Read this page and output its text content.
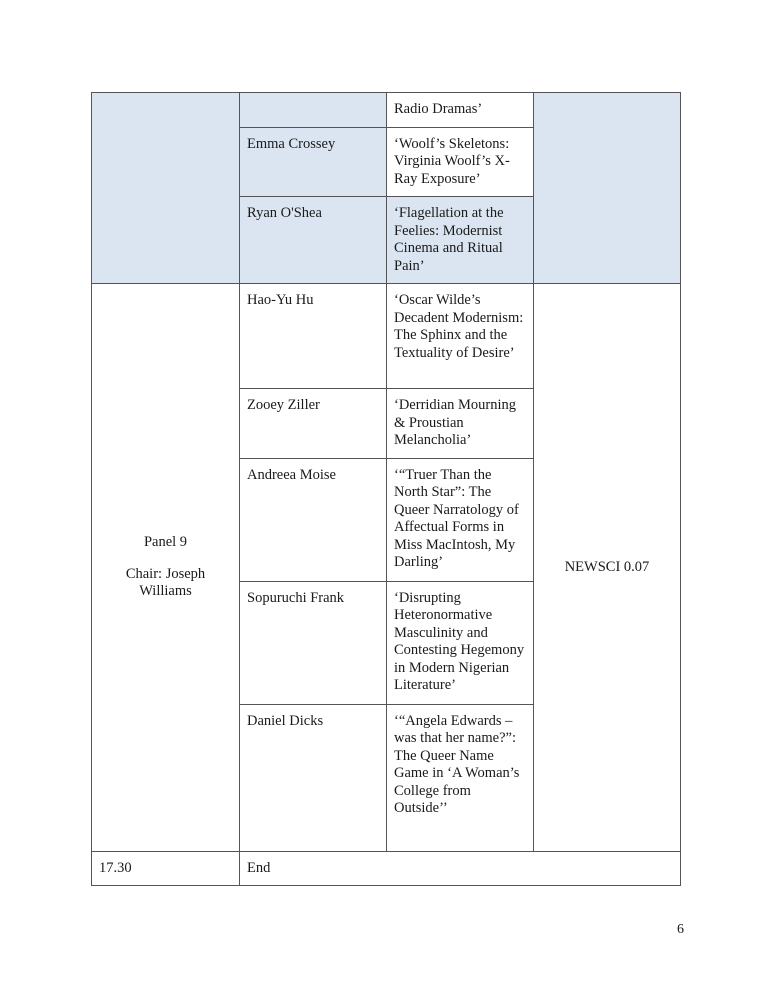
		Radio Dramas’	
	Emma Crossey	‘Woolf’s Skeletons: Virginia Woolf’s X-Ray Exposure’	
	Ryan O'Shea	‘Flagellation at the Feelies: Modernist Cinema and Ritual Pain’	

Panel 9

Chair: Joseph Williams	Hao-Yu Hu	‘Oscar Wilde’s Decadent Modernism: The Sphinx and the Textuality of Desire’	NEWSCI 0.07
	Zooey Ziller	‘Derridian Mourning & Proustian Melancholia’	
	Andreea Moise	‘“Truer Than the North Star”: The Queer Narratology of Affectual Forms in Miss MacIntosh, My Darling’	
	Sopuruchi Frank	‘Disrupting Heteronormative Masculinity and Contesting Hegemony in Modern Nigerian Literature’	
	Daniel Dicks	‘“Angela Edwards – was that her name?”: The Queer Name Game in ‘A Woman’s College from Outside’’	
17.30	End		
6
